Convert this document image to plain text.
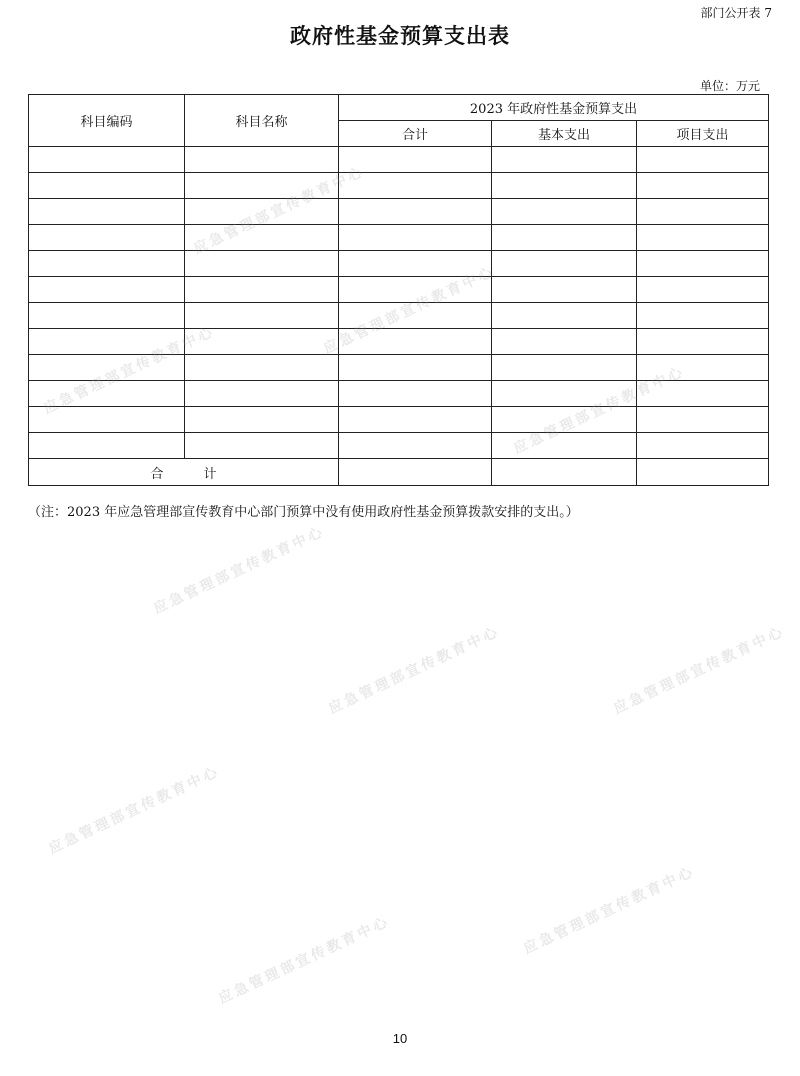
部门公开表 7
政府性基金预算支出表
单位：万元
科目编码	科目名称	2023 年政府性基金预算支出		
		合计	基本支出	项目支出

合 计				
（注：2023 年应急管理部宣传教育中心部门预算中没有使用政府性基金预算拨款安排的支出。）
10
应急管理部宣传教育中心
应急管理部宣传教育中心
应急管理部宣传教育中心
应急管理部宣传教育中心
应急管理部宣传教育中心
应急管理部宣传教育中心	应急管理部宣传教育中心
应急管理部宣传教育中心
应急管理部宣传教育中心
应急管理部宣传教育中心
